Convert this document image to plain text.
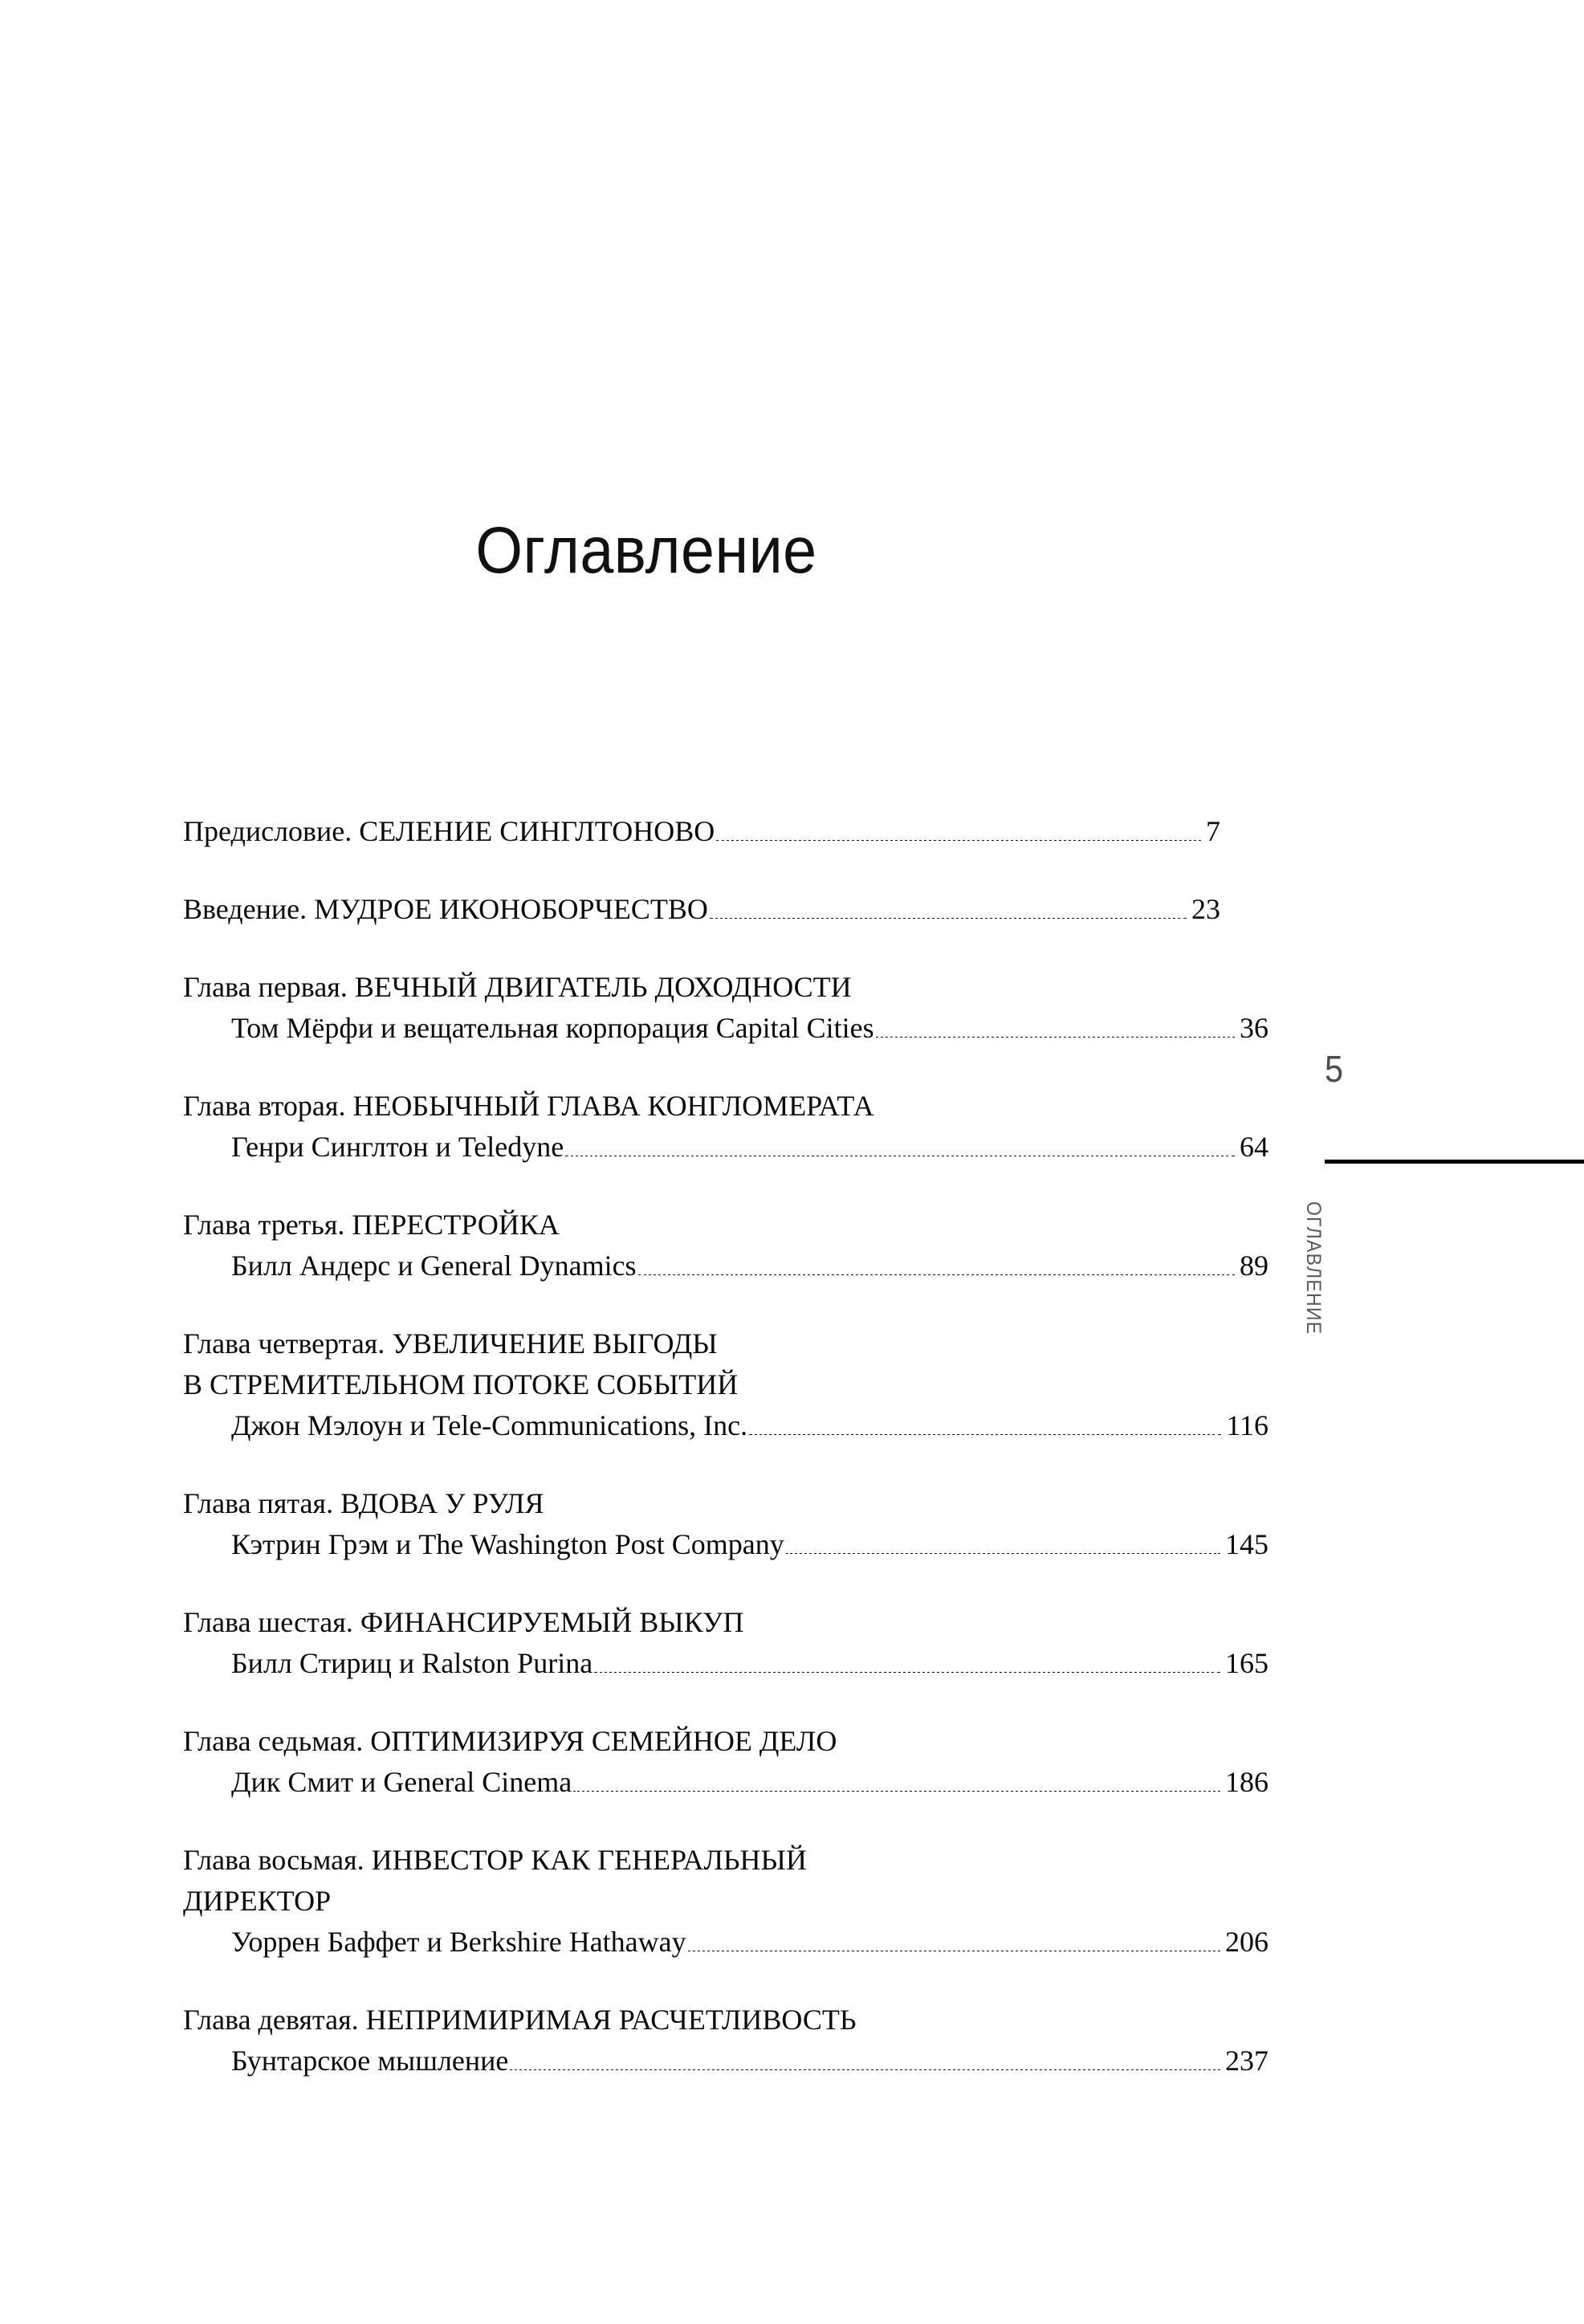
Оглавление
Предисловие. СЕЛЕНИЕ СИНГЛТОНОВО	7
Введение. МУДРОЕ ИКОНОБОРЧЕСТВО	23
Глава первая. ВЕЧНЫЙ ДВИГАТЕЛЬ ДОХОДНОСТИ
Том Мёрфи и вещательная корпорация Capital Cities	36
Глава вторая. НЕОБЫЧНЫЙ ГЛАВА КОНГЛОМЕРАТА
Генри Синглтон и Teledyne	64
Глава третья. ПЕРЕСТРОЙКА
Билл Андерс и General Dynamics	89
Глава четвертая. УВЕЛИЧЕНИЕ ВЫГОДЫ
В СТРЕМИТЕЛЬНОМ ПОТОКЕ СОБЫТИЙ
Джон Мэлоун и Tele-Communications, Inc.	116
Глава пятая. ВДОВА У РУЛЯ
Кэтрин Грэм и The Washington Post Company	145
Глава шестая. ФИНАНСИРУЕМЫЙ ВЫКУП
Билл Стириц и Ralston Purina	165
Глава седьмая. ОПТИМИЗИРУЯ СЕМЕЙНОЕ ДЕЛО
Дик Смит и General Cinema	186
Глава восьмая. ИНВЕСТОР КАК ГЕНЕРАЛЬНЫЙ
ДИРЕКТОР
Уоррен Баффет и Berkshire Hathaway	206
Глава девятая. НЕПРИМИРИМАЯ РАСЧЕТЛИВОСТЬ
Бунтарское мышление	237
5
ОГЛАВЛЕНИЕ
